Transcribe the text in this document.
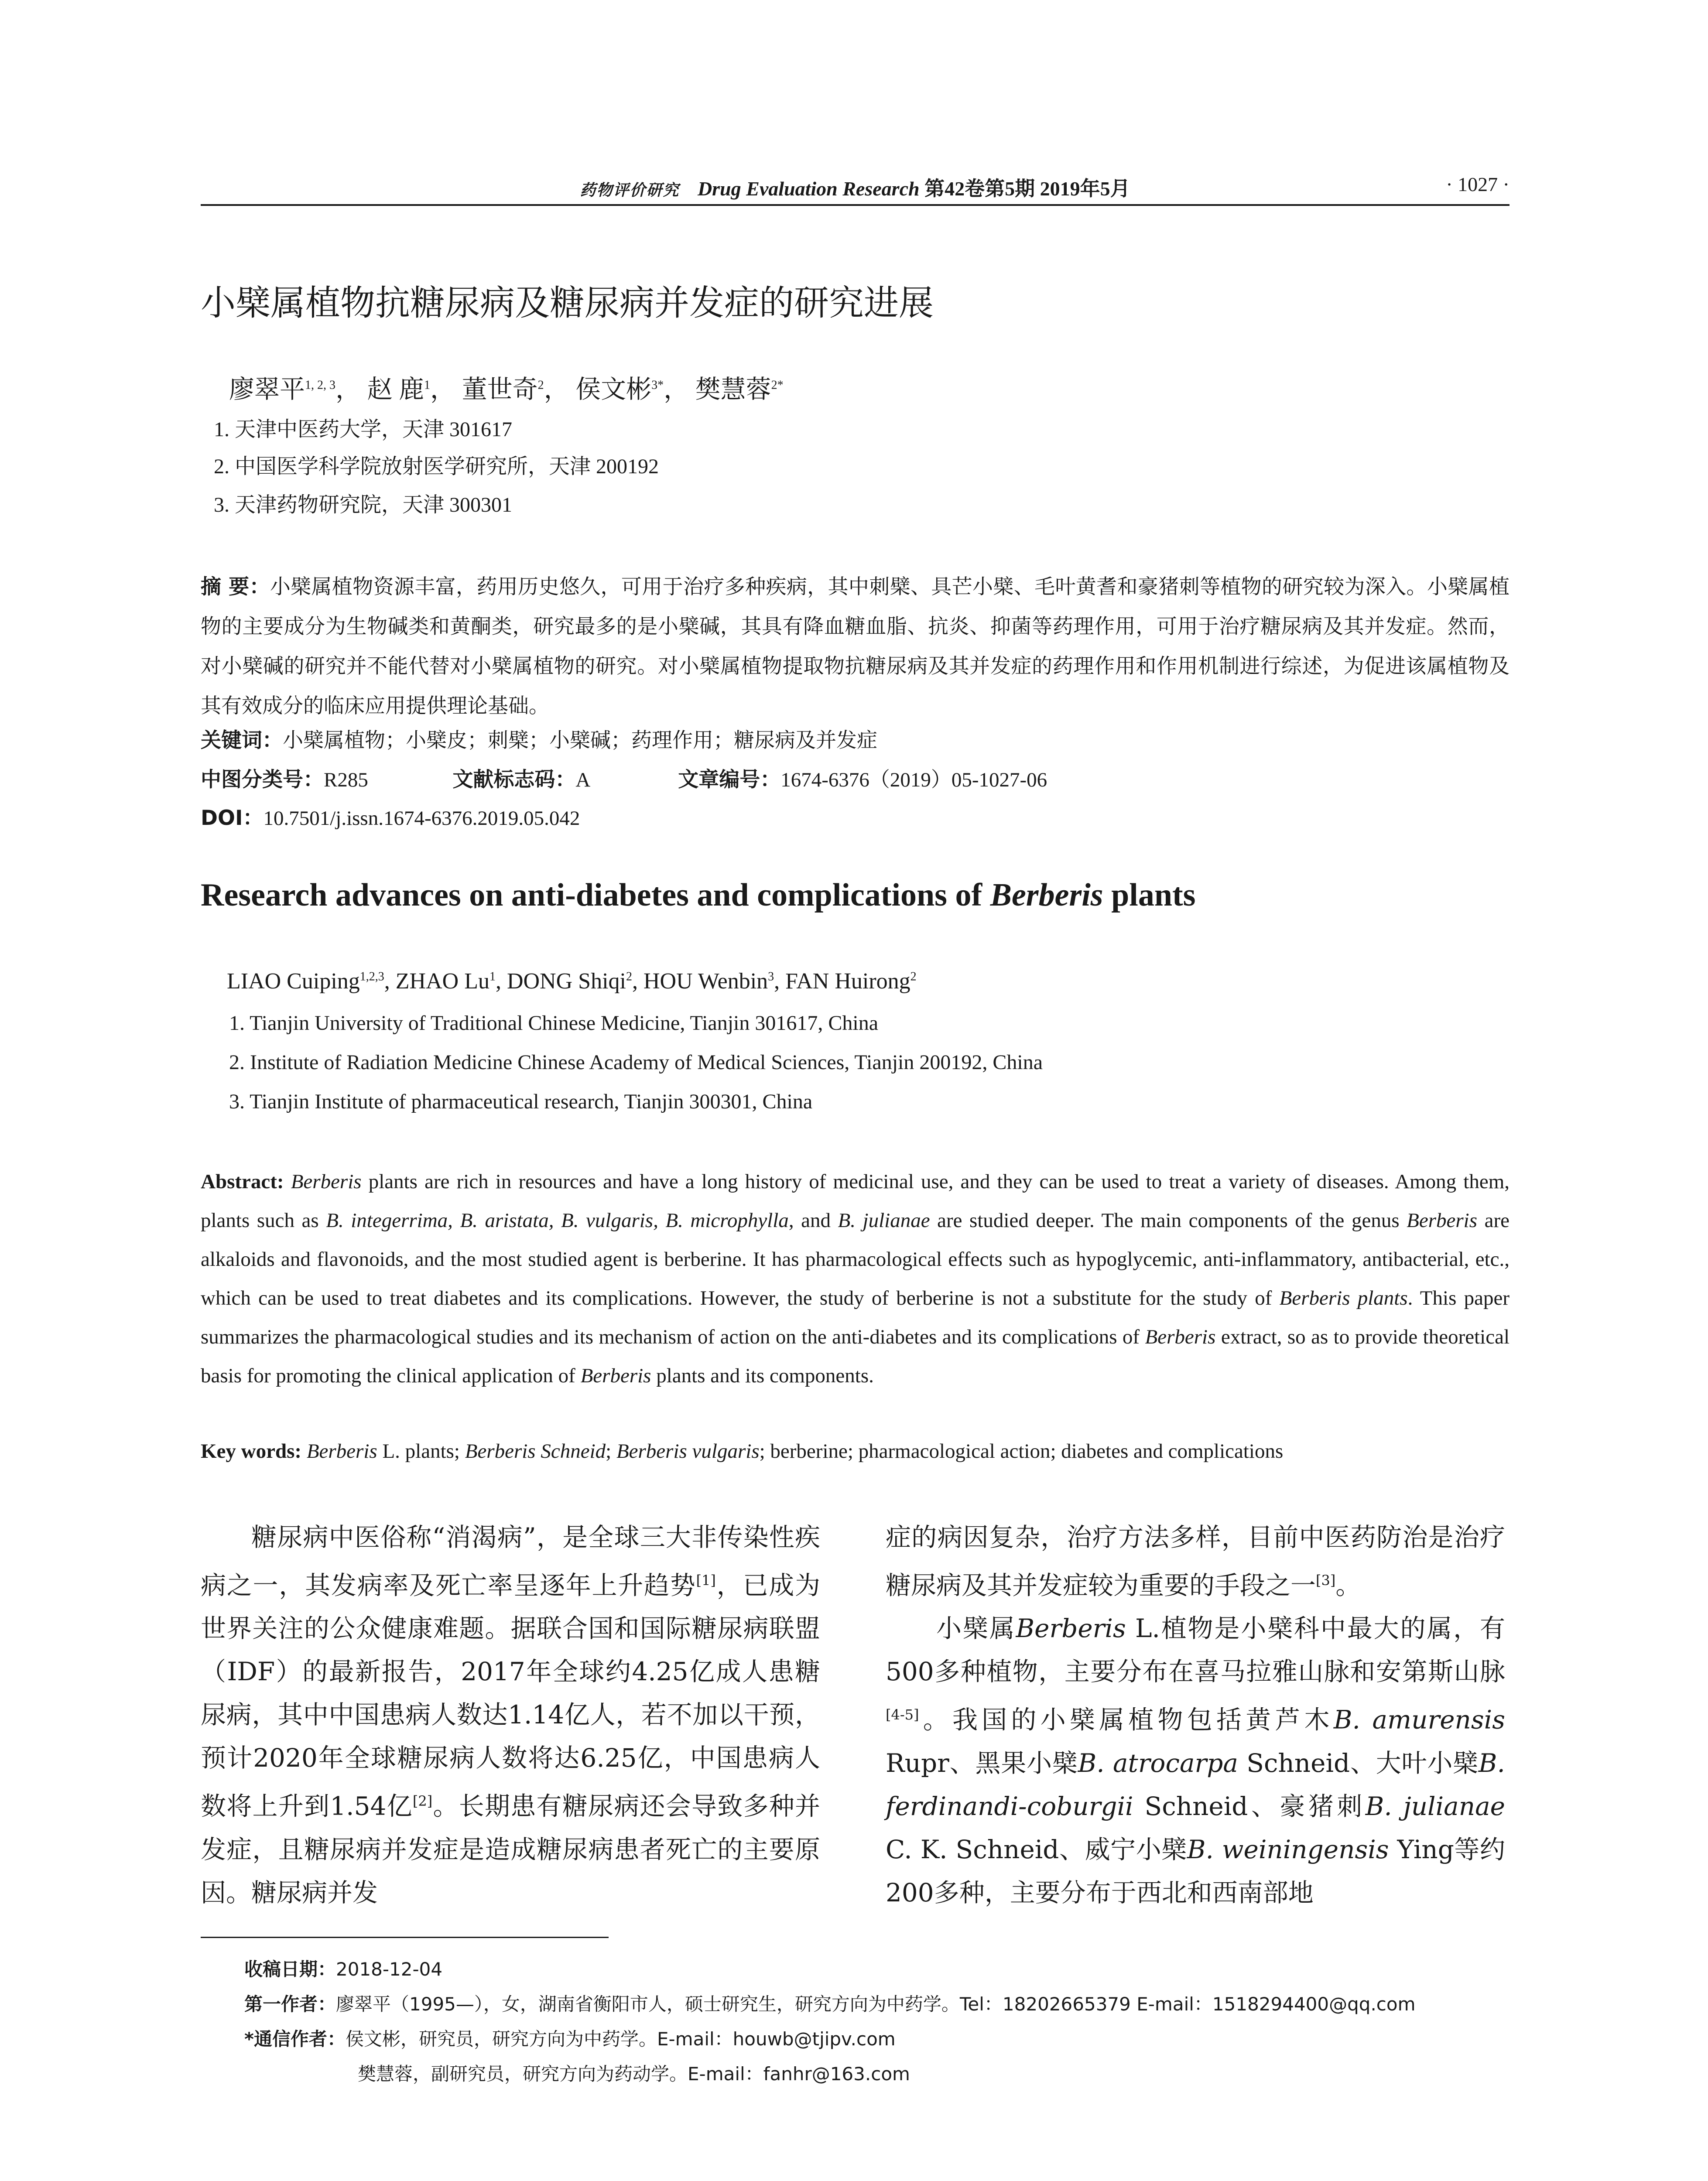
药物评价研究 Drug Evaluation Research 第42卷第5期 2019年5月	· 1027 ·
小檗属植物抗糖尿病及糖尿病并发症的研究进展
廖翠平$^{1, 2, 3}$， 赵 鹿$^1$， 董世奇$^2$， 侯文彬$^{3*}$， 樊慧蓉$^{2*}$
1. 天津中医药大学，天津 301617
2. 中国医学科学院放射医学研究所，天津 200192
3. 天津药物研究院，天津 300301
摘 要：小檗属植物资源丰富，药用历史悠久，可用于治疗多种疾病，其中刺檗、具芒小檗、毛叶黄耆和豪猪刺等植物的研究较为深入。小檗属植物的主要成分为生物碱类和黄酮类，研究最多的是小檗碱，其具有降血糖血脂、抗炎、抑菌等药理作用，可用于治疗糖尿病及其并发症。然而，对小檗碱的研究并不能代替对小檗属植物的研究。对小檗属植物提取物抗糖尿病及其并发症的药理作用和作用机制进行综述，为促进该属植物及其有效成分的临床应用提供理论基础。
关键词：小檗属植物；小檗皮；刺檗；小檗碱；药理作用；糖尿病及并发症
中图分类号：R285	文献标志码：A	文章编号：1674-6376（2019）05-1027-06
DOI：10.7501/j.issn.1674-6376.2019.05.042
Research advances on anti-diabetes and complications of Berberis plants
LIAO Cuiping$^{1,2,3}$, ZHAO Lu$^1$, DONG Shiqi$^2$, HOU Wenbin$^3$, FAN Huirong$^2$
1. Tianjin University of Traditional Chinese Medicine, Tianjin 301617, China
2. Institute of Radiation Medicine Chinese Academy of Medical Sciences, Tianjin 200192, China
3. Tianjin Institute of pharmaceutical research, Tianjin 300301, China
Abstract: Berberis plants are rich in resources and have a long history of medicinal use, and they can be used to treat a variety of diseases. Among them, plants such as B. integerrima, B. aristata, B. vulgaris, B. microphylla, and B. julianae are studied deeper. The main components of the genus Berberis are alkaloids and flavonoids, and the most studied agent is berberine. It has pharmacological effects such as hypoglycemic, anti-inflammatory, antibacterial, etc., which can be used to treat diabetes and its complications. However, the study of berberine is not a substitute for the study of Berberis plants. This paper summarizes the pharmacological studies and its mechanism of action on the anti-diabetes and its complications of Berberis extract, so as to provide theoretical basis for promoting the clinical application of Berberis plants and its components.
Key words: Berberis L. plants; Berberis Schneid; Berberis vulgaris; berberine; pharmacological action; diabetes and complications

糖尿病中医俗称“消渴病”，是全球三大非传染性疾病之一，其发病率及死亡率呈逐年上升趋势[1]，已成为世界关注的公众健康难题。据联合国和国际糖尿病联盟（IDF）的最新报告，2017年全球约4.25亿成人患糖尿病，其中中国患病人数达1.14亿人，若不加以干预，预计2020年全球糖尿病人数将达6.25亿，中国患病人数将上升到1.54亿[2]。长期患有糖尿病还会导致多种并发症，且糖尿病并发症是造成糖尿病患者死亡的主要原因。糖尿病并发

症的病因复杂，治疗方法多样，目前中医药防治是治疗糖尿病及其并发症较为重要的手段之一[3]。

小檗属Berberis L.植物是小檗科中最大的属，有500多种植物，主要分布在喜马拉雅山脉和安第斯山脉[4-5]。我国的小檗属植物包括黄芦木B. amurensis Rupr、黑果小檗B. atrocarpa Schneid、大叶小檗B. ferdinandi-coburgii Schneid、豪猪刺B. julianae C. K. Schneid、威宁小檗B. weiningensis Ying等约200多种，主要分布于西北和西南部地

收稿日期：2018-12-04
第一作者：廖翠平（1995—），女，湖南省衡阳市人，硕士研究生，研究方向为中药学。Tel：18202665379 E-mail：1518294400@qq.com
*通信作者：侯文彬，研究员，研究方向为中药学。E-mail：houwb@tjipv.com
樊慧蓉，副研究员，研究方向为药动学。E-mail：fanhr@163.com
